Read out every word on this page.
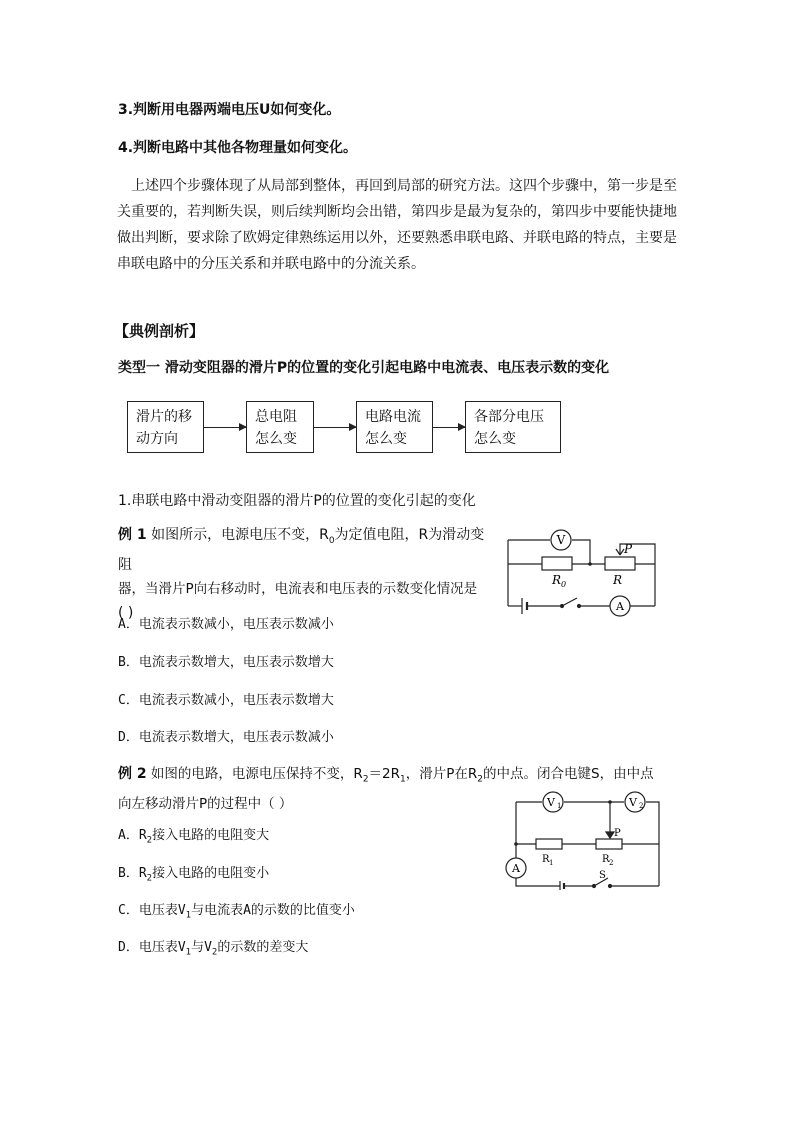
3.判断用电器两端电压U如何变化。
4.判断电路中其他各物理量如何变化。

上述四个步骤体现了从局部到整体，再回到局部的研究方法。这四个步骤中，第一步是至

关重要的，若判断失误，则后续判断均会出错，第四步是最为复杂的，第四步中要能快捷地

做出判断，要求除了欧姆定律熟练运用以外，还要熟悉串联电路、并联电路的特点，主要是

串联电路中的分压关系和并联电路中的分流关系。

【典例剖析】
类型一 滑动变阻器的滑片P的位置的变化引起电路中电流表、电压表示数的变化
滑片的移
动方向
总电阻
怎么变
电路电流
怎么变
各部分电压
怎么变
1.串联电路中滑动变阻器的滑片P的位置的变化引起的变化
例 1 如图所示，电源电压不变，$R_0$为定值电阻，R为滑动变阻
器，当滑片P向右移动时，电流表和电压表的示数变化情况是
( )
V
A
R 0	R
P
A．电流表示数减小，电压表示数减小
B．电流表示数增大，电压表示数增大
C．电流表示数减小，电压表示数增大
D．电流表示数增大，电压表示数减小
例 2 如图的电路，电源电压保持不变，$R_2=2R_1$，滑片P在$R_2$的中点。闭合电键S，由中点
向左移动滑片P的过程中（ ）	V 1	V 2
A
R 1	R 2
P
S
A．$R_2$接入电路的电阻变大
B．$R_2$接入电路的电阻变小
C．电压表$V_1$与电流表A的示数的比值变小
D．电压表$V_1$与$V_2$的示数的差变大
